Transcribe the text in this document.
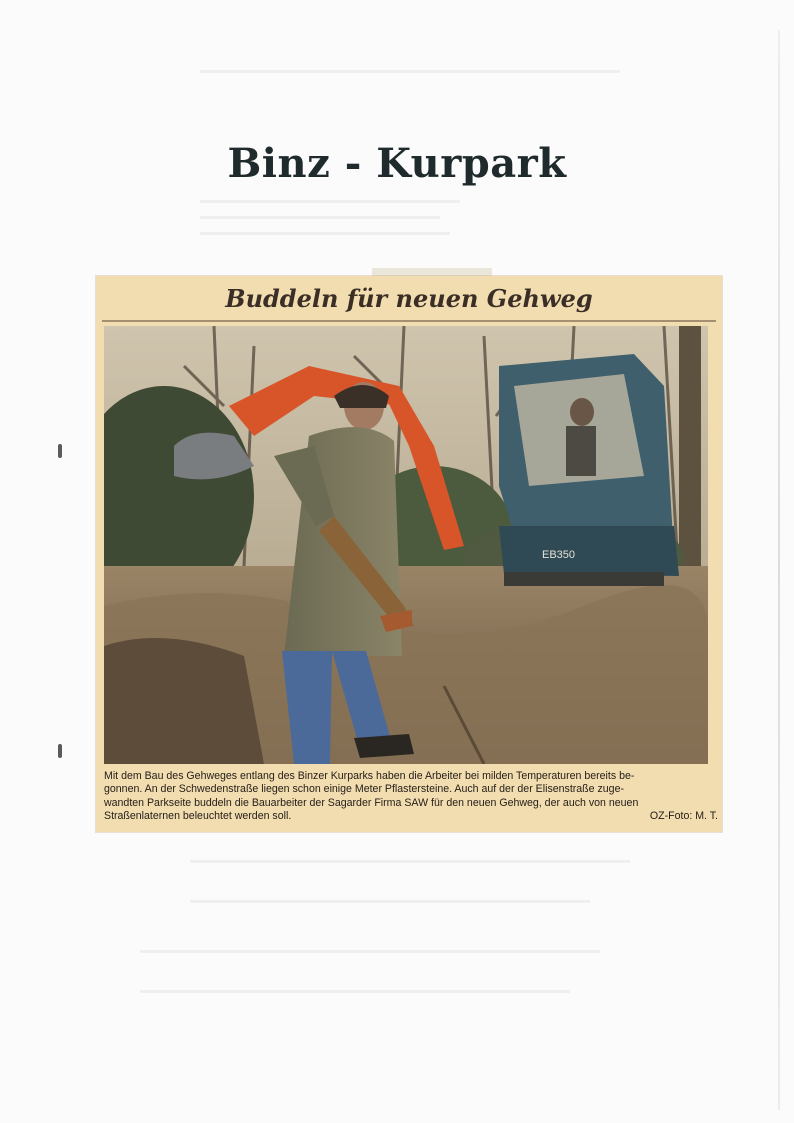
Binz - Kurpark
Buddeln für neuen Gehweg
EB350

Mit dem Bau des Gehweges entlang des Binzer Kurparks haben die Arbeiter bei milden Temperaturen bereits be-

gonnen. An der Schwedenstraße liegen schon einige Meter Pflastersteine. Auch auf der der Elisenstraße zuge-

wandten Parkseite buddeln die Bauarbeiter der Sagarder Firma SAW für den neuen Gehweg, der auch von neuen

Straßenlaternen beleuchtet werden soll.	OZ-Foto: M. T.
